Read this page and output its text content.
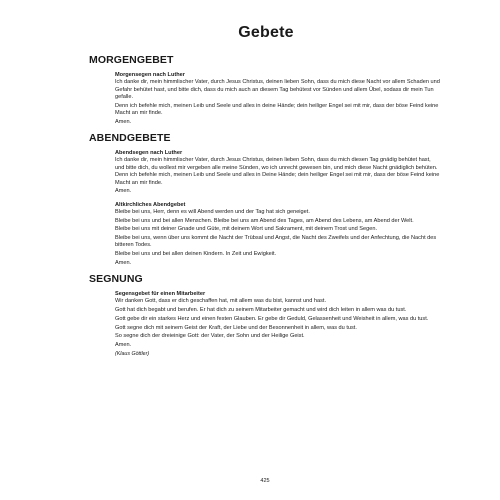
Gebete
MORGENGEBET
Morgensegen nach Luther
Ich danke dir, mein himmlischer Vater, durch Jesus Christus, deinen lieben Sohn, dass du mich diese Nacht vor allem Schaden und Gefahr behütet hast, und bitte dich, dass du mich auch an diesem Tag behütest vor Sünden und allem Übel, sodass dir mein Tun gefalle.
Denn ich befehle mich, meinen Leib und Seele und alles in deine Hände; dein heiliger Engel sei mit mir, dass der böse Feind keine Macht an mir finde.
Amen.
ABENDGEBETE
Abendsegen nach Luther
Ich danke dir, mein himmlischer Vater, durch Jesus Christus, deinen lieben Sohn, dass du mich diesen Tag gnädig behütet hast, und bitte dich, du wollest mir vergeben alle meine Sünden, wo ich unrecht gewesen bin, und mich diese Nacht gnädiglich behüten. Denn ich befehle mich, meinen Leib und Seele und alles in Deine Hände; dein heiliger Engel sei mit mir, dass der böse Feind keine Macht an mir finde.
Amen.
Altkirchliches Abendgebet
Bleibe bei uns, Herr, denn es will Abend werden und der Tag hat sich geneiget.
Bleibe bei uns und bei allen Menschen. Bleibe bei uns am Abend des Tages, am Abend des Lebens, am Abend der Welt.
Bleibe bei uns mit deiner Gnade und Güte, mit deinem Wort und Sakrament, mit deinem Trost und Segen.
Bleibe bei uns, wenn über uns kommt die Nacht der Trübsal und Angst, die Nacht des Zweifels und der Anfechtung, die Nacht des bitteren Todes.
Bleibe bei uns und bei allen deinen Kindern. In Zeit und Ewigkeit.
Amen.
SEGNUNG
Segensgebet für einen Mitarbeiter
Wir danken Gott, dass er dich geschaffen hat, mit allem was du bist, kannst und hast.
Gott hat dich begabt und berufen. Er hat dich zu seinem Mitarbeiter gemacht und wird dich leiten in allem was du tust.
Gott gebe dir ein starkes Herz und einen festen Glauben. Er gebe dir Geduld, Gelassenheit und Weisheit in allem, was du tust.
Gott segne dich mit seinem Geist der Kraft, der Liebe und der Besonnenheit in allem, was du tust.
So segne dich der dreieinige Gott: der Vater, der Sohn und der Heilige Geist.
Amen.
(Klaus Göttler)
425
